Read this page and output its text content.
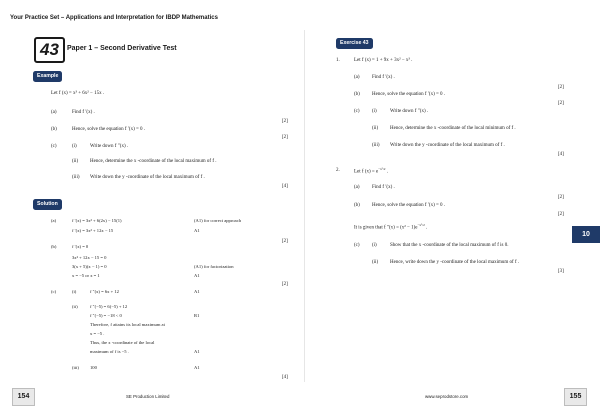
Your Practice Set – Applications and Interpretation for IBDP Mathematics
43	Paper 1 – Second Derivative Test
Example
Let f (x) = x³ + 6x² − 15x .
(a)	Find f ′(x) .
[2]
(b)	Hence, solve the equation f ′(x) = 0 .
[2]
(c)	(i)	Write down f ″(x) .
(ii) Hence, determine the x -coordinate of the local maximum of f .
(iii) Write down the y -coordinate of the local maximum of f .
[4]
Solution
(a)	f ′(x) = 3x² + 6(2x) − 15(1)	(A1) for correct approach
f ′(x) = 3x² + 12x − 15	A1
[2]
(b)	f ′(x) = 0
3x² + 12x − 15 = 0
3(x + 5)(x − 1) = 0	(A1) for factorization
x = −5 or x = 1	A1
[2]
(c)	(i)	f ″(x) = 6x + 12	A1
(ii)	f ″(−5) = 6(−5) + 12
f ″(−5) = −18 < 0	R1
Therefore, f attains its local maximum at
x = −5 .
Thus, the x -coordinate of the local
maximum of f is −5 .	A1
(iii) 100	A1
[4]
Exercise 43
1.	Let f (x) = 1 + 9x + 3x² − x³ .
(a) Find f ′(x) .
[2]
(b) Hence, solve the equation f ′(x) = 0 .
[2]
(c) (i)	Write down f ″(x) .
(ii) Hence, determine the x -coordinate of the local minimum of f .
(iii) Write down the y -coordinate of the local maximum of f .
[4]
2.	Let f $(x) = e^{-x^2/2}$ .
(a) Find f ′(x) .
[2]
(b) Hence, solve the equation f ′(x) = 0 .
[2]
It is given that f $''(x) = (x^2 - 1)e^{-x^2/2}$ .
(c) (i)	Show that the x -coordinate of the local maximum of f is 0.
(ii) Hence, write down the y -coordinate of the local maximum of f .
[3]
10
154	SE Production Limited	www.seprodstore.com	155
